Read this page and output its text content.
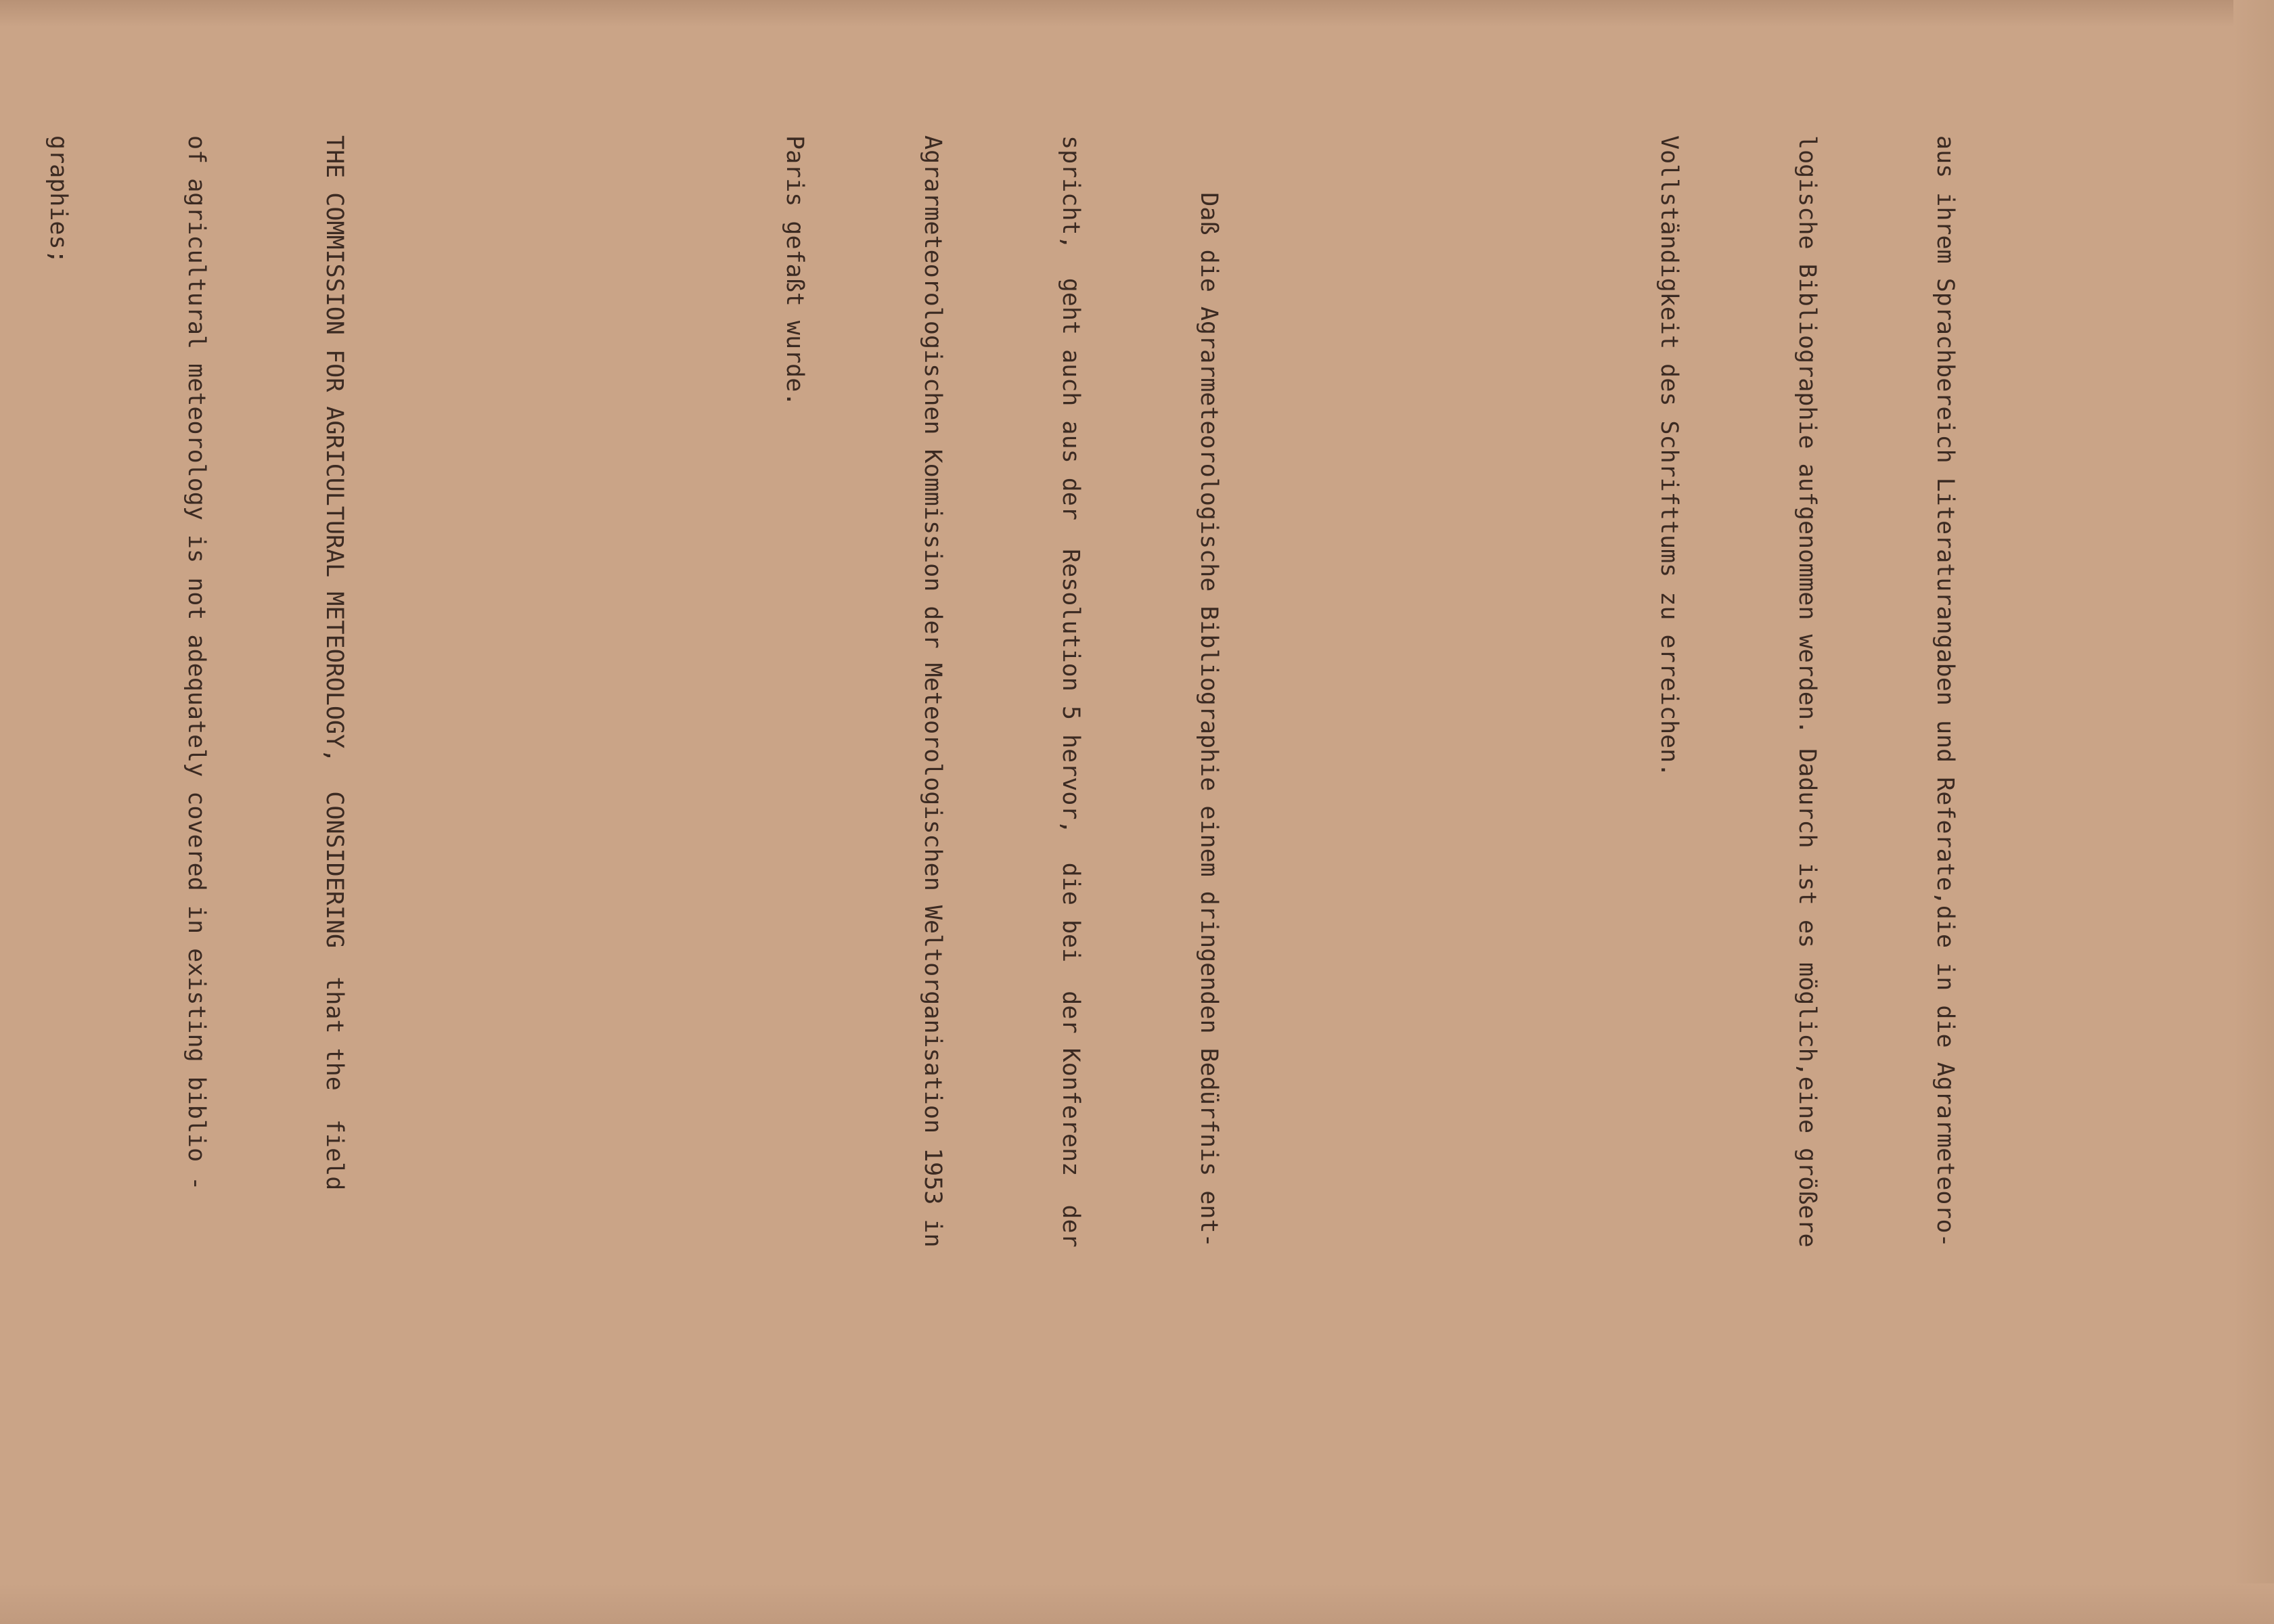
aus ihrem Sprachbereich Literaturangaben und Referate,die in die Agrarmeteoro-

logische Bibliographie aufgenommen werden. Dadurch ist es möglich,eine größere

Vollständigkeit des Schrifttums zu erreichen.

Daß die Agrarmeteorologische Bibliographie einem dringenden Bedürfnis ent-

spricht,  geht auch aus der  Resolution 5 hervor,  die bei  der Konferenz  der

Agrarmeteorologischen Kommission der Meteorologischen Weltorganisation 1953 in

Paris gefaßt wurde.

THE COMMISSION FOR AGRICULTURAL METEOROLOGY,  CONSIDERING  that the  field

of agricultural meteorology is not adequately covered in existing biblio -

graphies;
